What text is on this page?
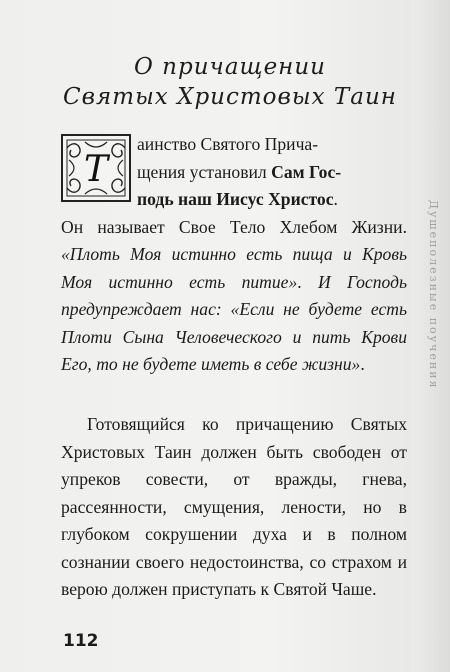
Душеполезные поучения
О причащении
Святых Христовых Таин
Т
аинство Святого Прича-
щения установил Сам Гос-
подь наш Иисус Христос.
Он называет Свое Тело Хлебом Жизни. «Плоть Моя истинно есть пища и Кровь Моя истинно есть питие». И Господь предупреждает нас: «Если не будете есть Плоти Сына Человеческого и пить Крови Его, то не будете иметь в себе жизни».
Готовящийся ко причащению Святых Христовых Таин должен быть свободен от упреков совести, от вражды, гнева, рассеянности, смущения, лености, но в глубоком сокрушении духа и в полном сознании своего недостоинства, со страхом и верою должен приступать к Святой Чаше.
112
